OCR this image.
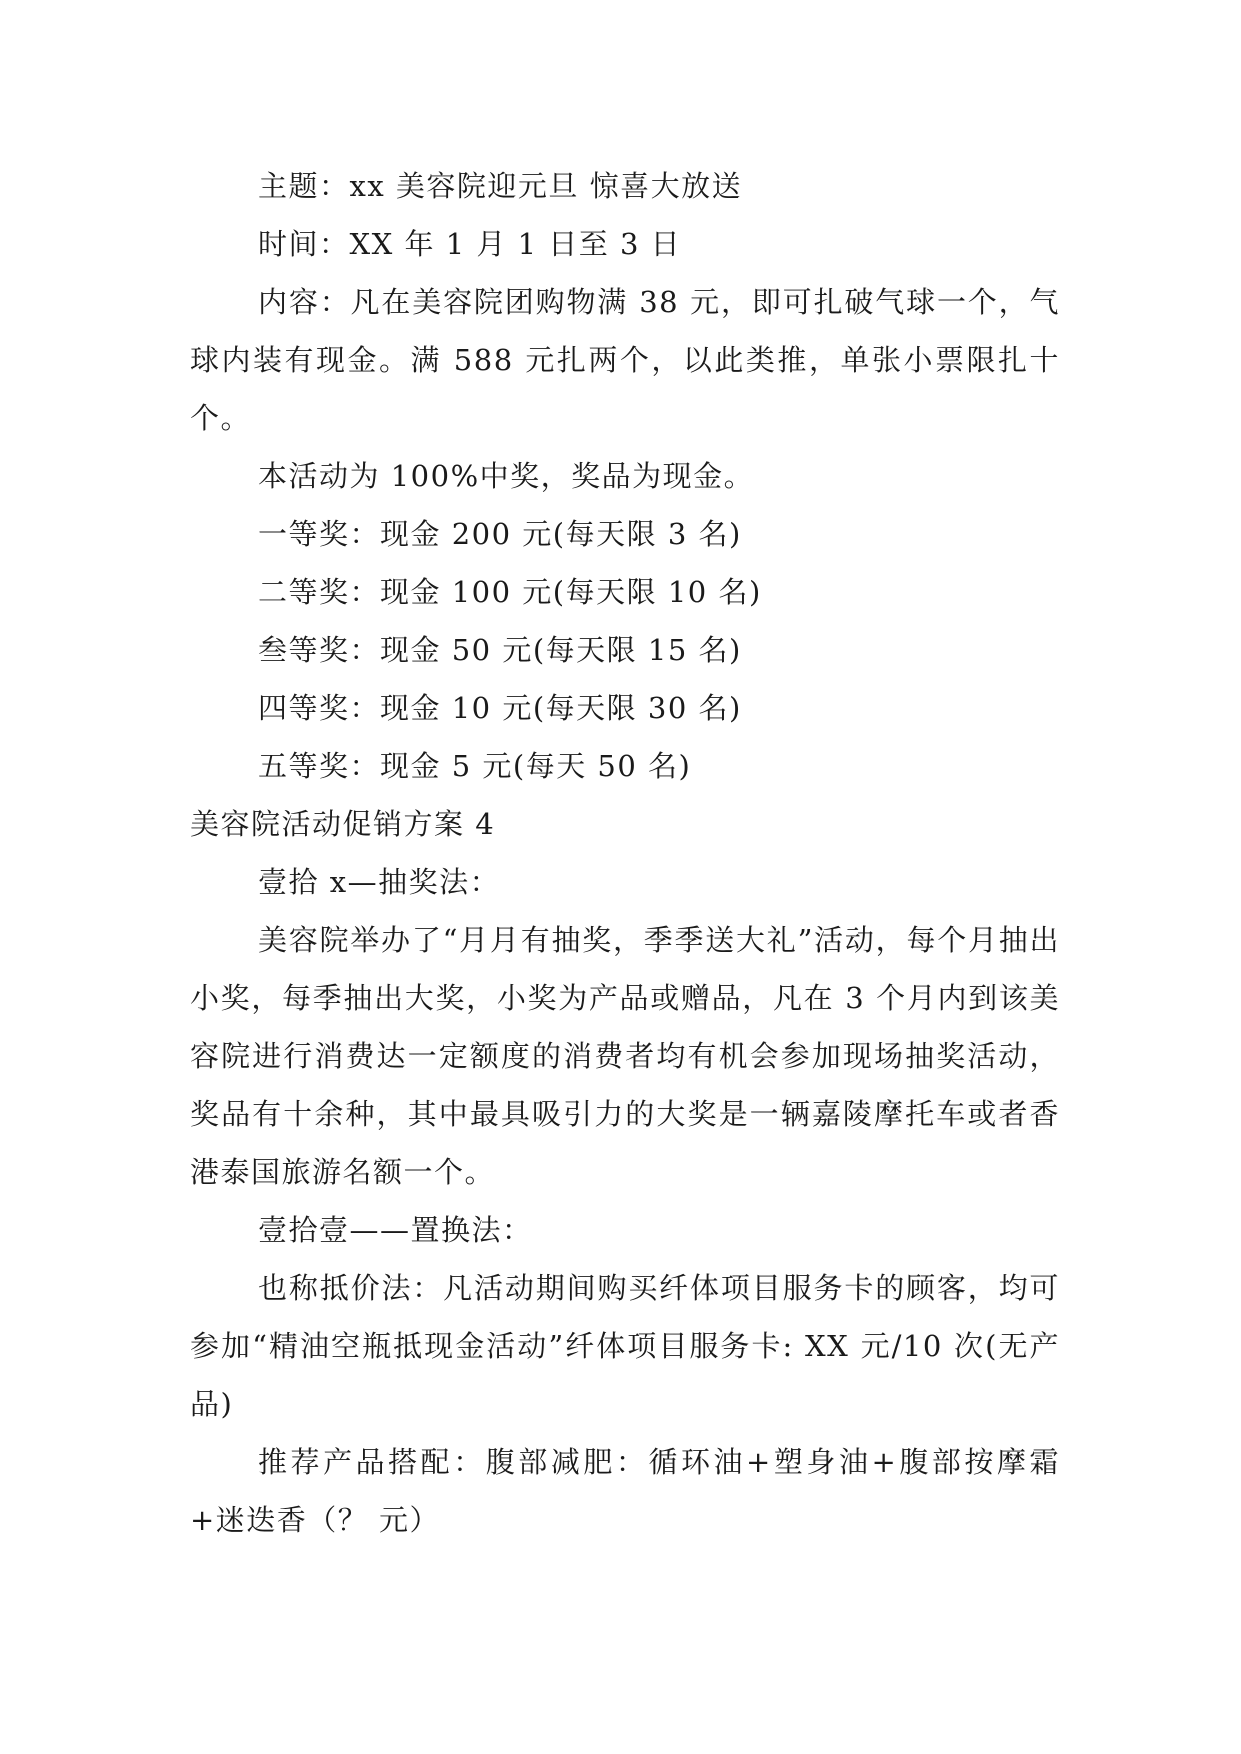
主题：xx 美容院迎元旦 惊喜大放送

时间：XX 年 1 月 1 日至 3 日

内容：凡在美容院团购物满 38 元，即可扎破气球一个，气球内装有现金。满 588 元扎两个，以此类推，单张小票限扎十个。

本活动为 100%中奖，奖品为现金。

一等奖：现金 200 元(每天限 3 名)

二等奖：现金 100 元(每天限 10 名)

叁等奖：现金 50 元(每天限 15 名)

四等奖：现金 10 元(每天限 30 名)

五等奖：现金 5 元(每天 50 名)

美容院活动促销方案 4

壹拾 x—抽奖法：

美容院举办了“月月有抽奖，季季送大礼”活动，每个月抽出小奖，每季抽出大奖，小奖为产品或赠品，凡在 3 个月内到该美容院进行消费达一定额度的消费者均有机会参加现场抽奖活动，奖品有十余种，其中最具吸引力的大奖是一辆嘉陵摩托车或者香港泰国旅游名额一个。

壹拾壹——置换法：

也称抵价法：凡活动期间购买纤体项目服务卡的顾客，均可参加“精油空瓶抵现金活动”纤体项目服务卡: XX 元/10 次(无产品)

推荐产品搭配：腹部减肥：循环油+塑身油+腹部按摩霜+迷迭香（？ 元）
